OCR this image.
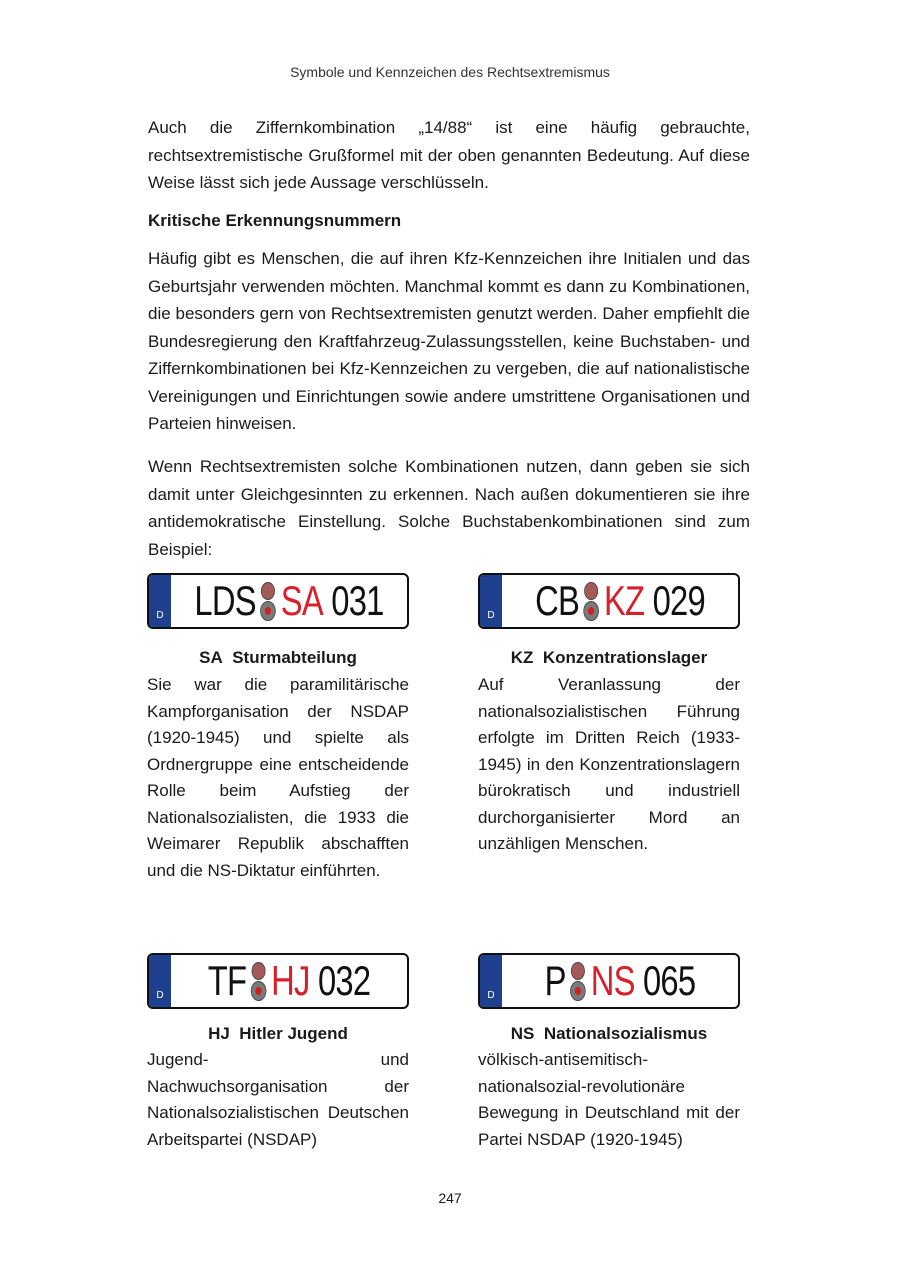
Symbole und Kennzeichen des Rechtsextremismus

Auch die Ziffernkombination „14/88“ ist eine häufig gebrauchte, rechtsextremistische Grußformel mit der oben genannten Bedeutung. Auf diese Weise lässt sich jede Aussage verschlüsseln.

Kritische Erkennungsnummern

Häufig gibt es Menschen, die auf ihren Kfz-Kennzeichen ihre Initialen und das Geburtsjahr verwenden möchten. Manchmal kommt es dann zu Kombinationen, die besonders gern von Rechtsextremisten genutzt werden. Daher empfiehlt die Bundesregierung den Kraftfahrzeug-Zulassungsstellen, keine Buchstaben- und Ziffernkombinationen bei Kfz-Kennzeichen zu vergeben, die auf nationalistische Vereinigungen und Einrichtungen sowie andere umstrittene Organisationen und Parteien hinweisen.

Wenn Rechtsextremisten solche Kombinationen nutzen, dann geben sie sich damit unter Gleichgesinnten zu erkennen. Nach außen dokumentieren sie ihre antidemokratische Einstellung. Solche Buchstabenkombinationen sind zum Beispiel:

D LDS SA 031
SA Sturmabteilung

Sie war die paramilitärische Kampforganisation der NSDAP (1920-1945) und spielte als Ordnergruppe eine entscheidende Rolle beim Aufstieg der Nationalsozialisten, die 1933 die Weimarer Republik abschafften und die NS-Diktatur einführten.

D CB KZ 029
KZ Konzentrationslager

Auf Veranlassung der nationalsozialistischen Führung erfolgte im Dritten Reich (1933-1945) in den Konzentrationslagern bürokratisch und industriell durchorganisierter Mord an unzähligen Menschen.

D TF HJ 032
HJ Hitler Jugend

Jugend- und Nachwuchsorganisation der Nationalsozialistischen Deutschen Arbeitspartei (NSDAP)

D P NS 065
NS Nationalsozialismus

völkisch-antisemitisch-nationalsozial-revolutionäre Bewegung in Deutschland mit der Partei NSDAP (1920-1945)

247
